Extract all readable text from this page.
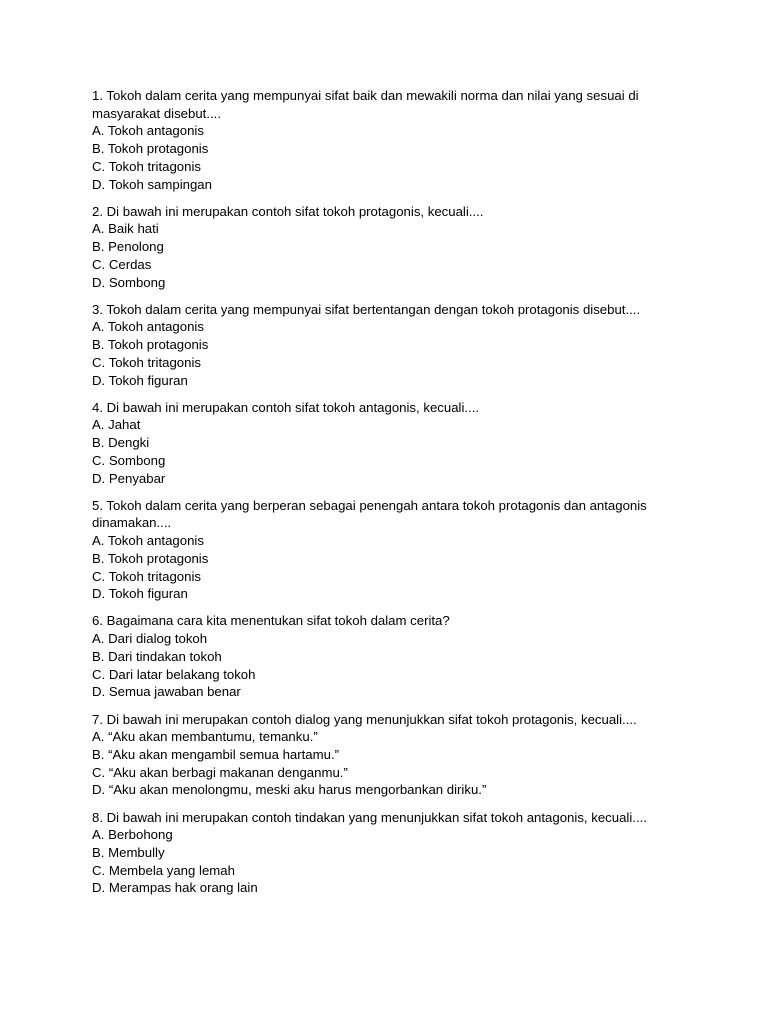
1. Tokoh dalam cerita yang mempunyai sifat baik dan mewakili norma dan nilai yang sesuai di masyarakat disebut....

A. Tokoh antagonis

B. Tokoh protagonis

C. Tokoh tritagonis

D. Tokoh sampingan

2. Di bawah ini merupakan contoh sifat tokoh protagonis, kecuali....

A. Baik hati

B. Penolong

C. Cerdas

D. Sombong

3. Tokoh dalam cerita yang mempunyai sifat bertentangan dengan tokoh protagonis disebut....

A. Tokoh antagonis

B. Tokoh protagonis

C. Tokoh tritagonis

D. Tokoh figuran

4. Di bawah ini merupakan contoh sifat tokoh antagonis, kecuali....

A. Jahat

B. Dengki

C. Sombong

D. Penyabar

5. Tokoh dalam cerita yang berperan sebagai penengah antara tokoh protagonis dan antagonis dinamakan....

A. Tokoh antagonis

B. Tokoh protagonis

C. Tokoh tritagonis

D. Tokoh figuran

6. Bagaimana cara kita menentukan sifat tokoh dalam cerita?

A. Dari dialog tokoh

B. Dari tindakan tokoh

C. Dari latar belakang tokoh

D. Semua jawaban benar

7. Di bawah ini merupakan contoh dialog yang menunjukkan sifat tokoh protagonis, kecuali....

A. “Aku akan membantumu, temanku.”

B. “Aku akan mengambil semua hartamu.”

C. “Aku akan berbagi makanan denganmu.”

D. “Aku akan menolongmu, meski aku harus mengorbankan diriku.”

8. Di bawah ini merupakan contoh tindakan yang menunjukkan sifat tokoh antagonis, kecuali....

A. Berbohong

B. Membully

C. Membela yang lemah

D. Merampas hak orang lain
